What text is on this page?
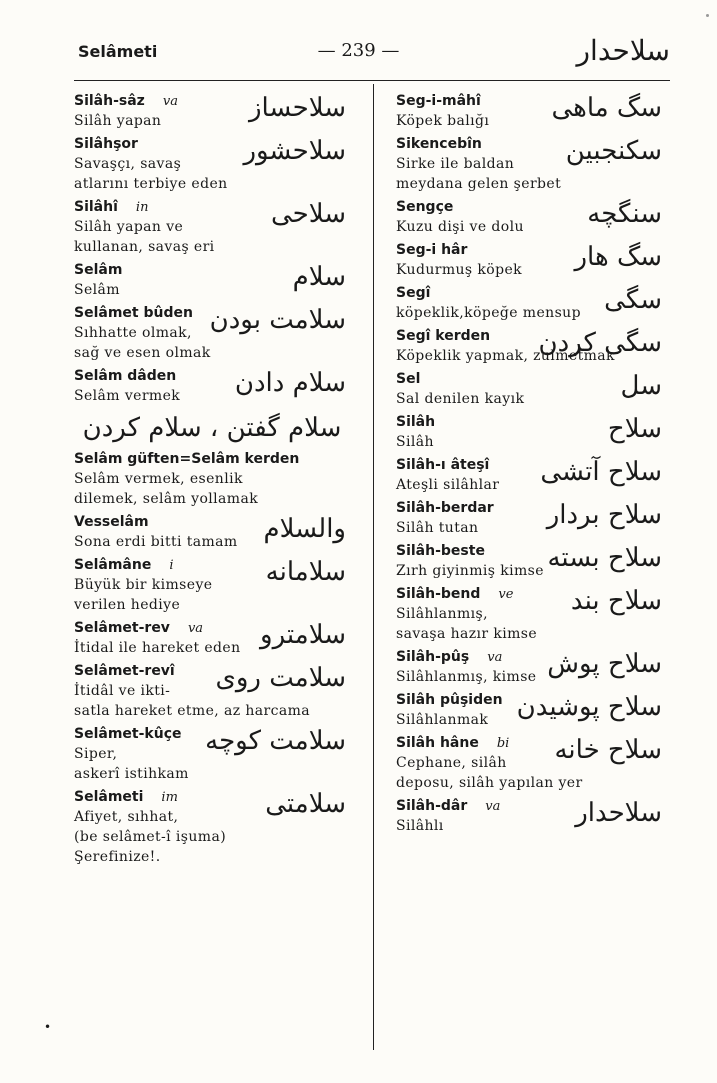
Selâmeti	— 239 —	سلاحدار
Silâh-sâz va
Silâh yapan	سلاحساز
Silâhşor
Savaşçı, savaş
atlarını terbiye eden
سلاحشور
Silâhî in
Silâh yapan ve
kullanan, savaş eri
سلاحى
Selâm
Selâm	سلام
Selâmet bûden
Sıhhatte olmak,
sağ ve esen olmak
سلامت بودن
Selâm dâden
Selâm vermek	سلام دادن
سلام گفتن ، سلام كردن
Selâm güften=Selâm kerden
Selâm vermek, esenlik
dilemek, selâm yollamak
Vesselâm
Sona erdi bitti tamam والسلام
Selâmâne i
Büyük bir kimseye
verilen hediye
سلامانه
Selâmet-rev va
İtidal ile hareket eden سلامترو
Selâmet-revî
İtidâl ve ikti-
satla hareket etme, az harcama
سلامت روى
Selâmet-kûçe
Siper,
askerî istihkam
سلامت كوچه
Selâmeti im
Afiyet, sıhhat,
(be selâmet-î işuma)
Şerefinize!.
سلامتى
Seg-i-mâhî
Köpek balığı	سگ ماهى
Sikencebîn
Sirke ile baldan
meydana gelen şerbet
سكنجبين
Sengçe
Kuzu dişi ve dolu	سنگچه
Seg-i hâr
Kudurmuş köpek	سگ هار
Segî
köpeklik,köpeğe mensup سگى
Segî kerden
Köpeklik yapmak, zulmetmak
سگى كردن
Sel
Sal denilen kayık	سل
Silâh
Silâh	سلاح
Silâh-ı âteşî
Ateşli silâhlar	سلاح آتشى
Silâh-berdar
Silâh tutan	سلاح بردار
Silâh-beste
Zırh giyinmiş kimse سلاح بسته
Silâh-bend ve
Silâhlanmış,
savaşa hazır kimse
سلاح بند
Silâh-pûş va
Silâhlanmış, kimse سلاح پوش
Silâh pûşiden
Silâhlanmak	سلاح پوشيدن
Silâh hâne bi
Cephane, silâh
deposu, silâh yapılan yer
سلاح خانه
Silâh-dâr va
Silâhlı	سلاحدار
•
